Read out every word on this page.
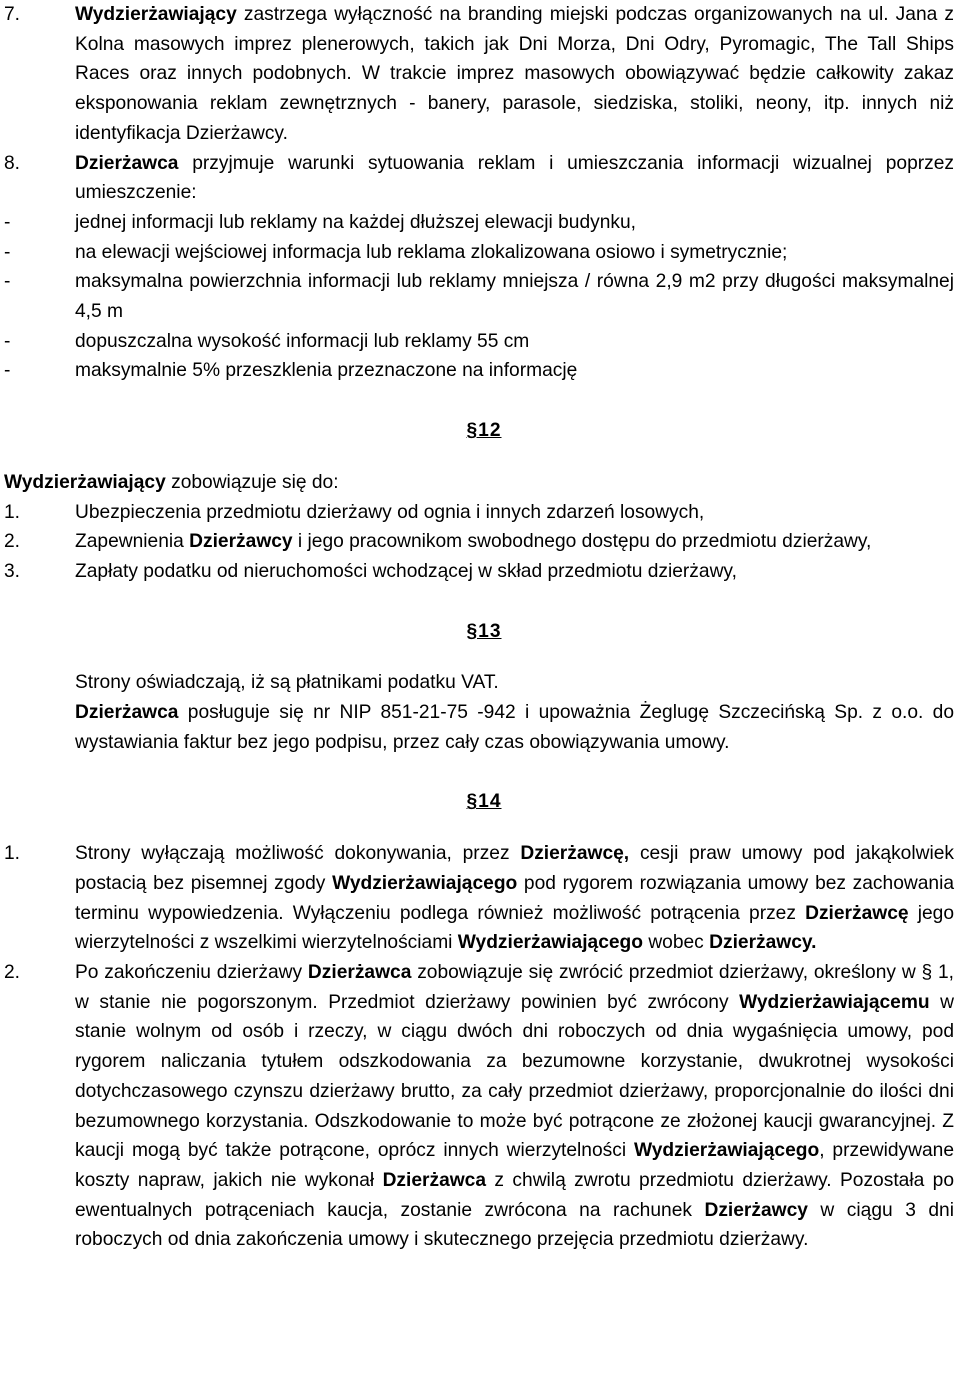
7.	Wydzierżawiający zastrzega wyłączność na branding miejski podczas organizowanych na ul. Jana z Kolna masowych imprez plenerowych, takich jak Dni Morza, Dni Odry, Pyromagic, The Tall Ships Races oraz innych podobnych. W trakcie imprez masowych obowiązywać będzie całkowity zakaz eksponowania reklam zewnętrznych - banery, parasole, siedziska, stoliki, neony, itp. innych niż identyfikacja Dzierżawcy.
8.	Dzierżawca przyjmuje warunki sytuowania reklam i umieszczania informacji wizualnej poprzez umieszczenie:
-	jednej informacji lub reklamy na każdej dłuższej elewacji budynku,
-	na elewacji wejściowej informacja lub reklama zlokalizowana osiowo i symetrycznie;
-	maksymalna powierzchnia informacji lub reklamy mniejsza / równa 2,9 m2 przy długości maksymalnej 4,5 m
-	dopuszczalna wysokość informacji lub reklamy 55 cm
-	maksymalnie 5% przeszklenia przeznaczone na informację
§12
Wydzierżawiający zobowiązuje się do:
1.	Ubezpieczenia przedmiotu dzierżawy od ognia i innych zdarzeń losowych,
2.	Zapewnienia Dzierżawcy i jego pracownikom swobodnego dostępu do przedmiotu dzierżawy,
3.	Zapłaty podatku od nieruchomości wchodzącej w skład przedmiotu dzierżawy,
§13
Strony oświadczają, iż są płatnikami podatku VAT.
Dzierżawca posługuje się nr NIP 851-21-75 -942 i upoważnia Żeglugę Szczecińską Sp. z o.o. do wystawiania faktur bez jego podpisu, przez cały czas obowiązywania umowy.
§14
1.	Strony wyłączają możliwość dokonywania, przez Dzierżawcę, cesji praw umowy pod jakąkolwiek postacią bez pisemnej zgody Wydzierżawiającego pod rygorem rozwiązania umowy bez zachowania terminu wypowiedzenia. Wyłączeniu podlega również możliwość potrącenia przez Dzierżawcę jego wierzytelności z wszelkimi wierzytelnościami Wydzierżawiającego wobec Dzierżawcy.
2.	Po zakończeniu dzierżawy Dzierżawca zobowiązuje się zwrócić przedmiot dzierżawy, określony w § 1, w stanie nie pogorszonym. Przedmiot dzierżawy powinien być zwrócony Wydzierżawiającemu w stanie wolnym od osób i rzeczy, w ciągu dwóch dni roboczych od dnia wygaśnięcia umowy, pod rygorem naliczania tytułem odszkodowania za bezumowne korzystanie, dwukrotnej wysokości dotychczasowego czynszu dzierżawy brutto, za cały przedmiot dzierżawy, proporcjonalnie do ilości dni bezumownego korzystania. Odszkodowanie to może być potrącone ze złożonej kaucji gwarancyjnej. Z kaucji mogą być także potrącone, oprócz innych wierzytelności Wydzierżawiającego, przewidywane koszty napraw, jakich nie wykonał Dzierżawca z chwilą zwrotu przedmiotu dzierżawy. Pozostała po ewentualnych potrąceniach kaucja, zostanie zwrócona na rachunek Dzierżawcy w ciągu 3 dni roboczych od dnia zakończenia umowy i skutecznego przejęcia przedmiotu dzierżawy.
